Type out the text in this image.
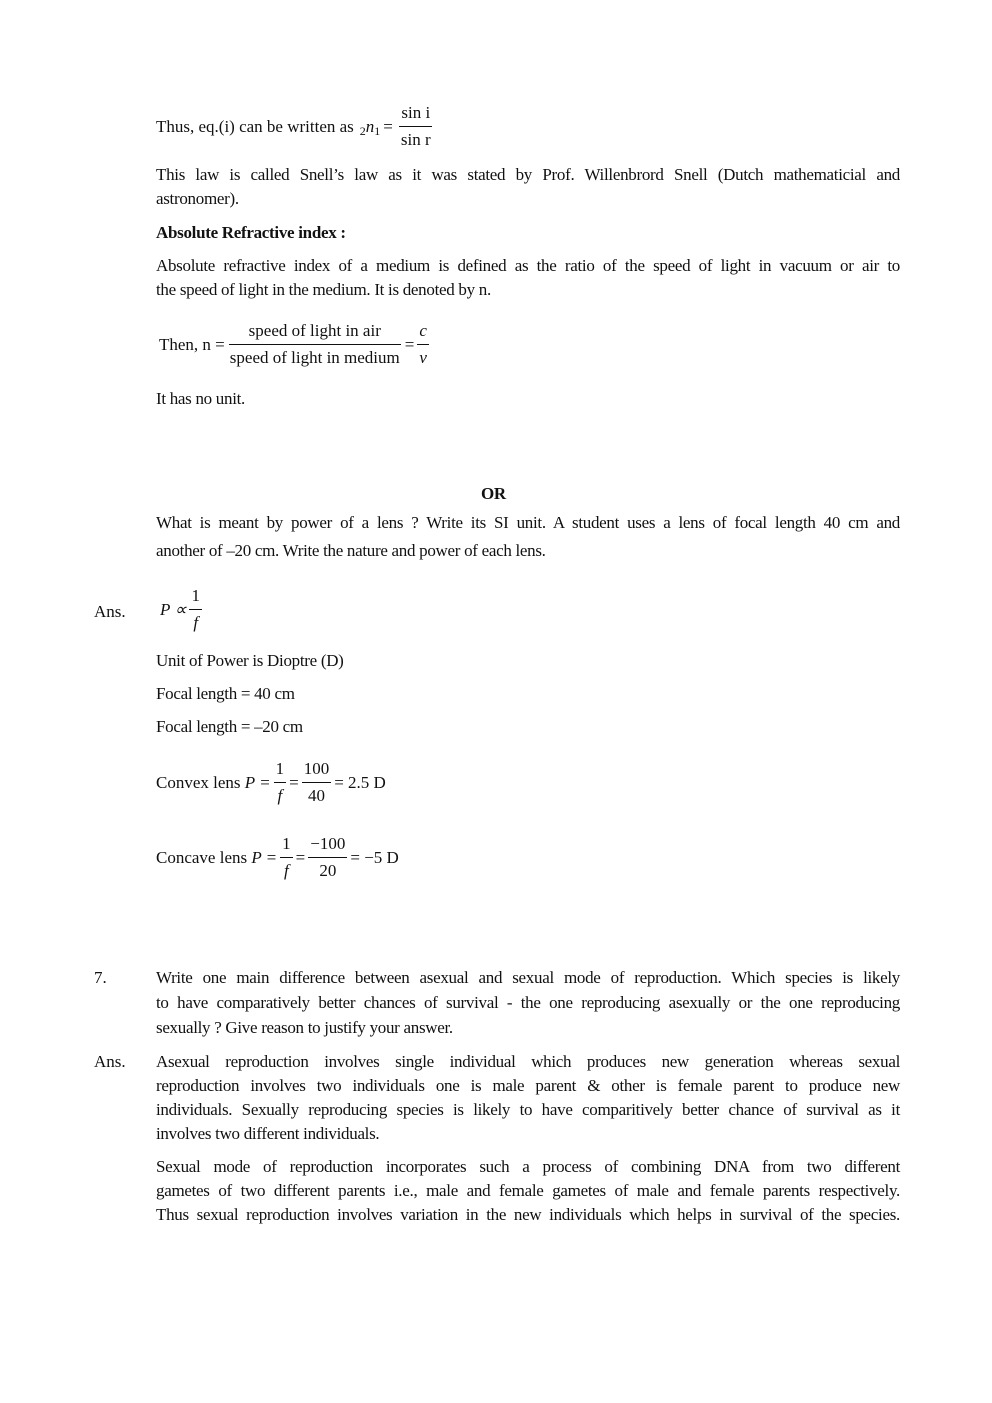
Thus, eq.(i) can be written as 2 n $1 = \frac{\text{sin i}}{\text{sin r}}$
This law is called Snell’s law as it was stated by Prof. Willenbrord Snell (Dutch mathematicial and
astronomer).
Absolute Refractive index :
Absolute refractive index of a medium is defined as the ratio of the speed of light in vacuum or air to
the speed of light in the medium. It is denoted by n.
Then, $n = \frac{\text{speed of light in air}}{\text{speed of light in medium}} = \frac{c}{v}$
It has no unit.
OR
What is meant by power of a lens ? Write its SI unit. A student uses a lens of focal length 40 cm and
another of –20 cm. Write the nature and power of each lens.
Ans. $P \propto \frac{1}{f}$
Unit of Power is Dioptre (D)
Focal length = 40 cm
Focal length = –20 cm
Convex lens
$P = \frac{1}{f} = \frac{100}{40} = 2.5$ D
Concave lens
$P = \frac{1}{f} = \frac{-100}{20} = -5$ D
7.	Write one main difference between asexual and sexual mode of reproduction. Which species is likely
to have comparatively better chances of survival - the one reproducing asexually or the one reproducing
sexually ? Give reason to justify your answer.
Ans. Asexual reproduction involves single individual which produces new generation whereas sexual
reproduction involves two individuals one is male parent & other is female parent to produce new
individuals. Sexually reproducing species is likely to have comparitively better chance of survival as it
involves two different individuals.
Sexual mode of reproduction incorporates such a process of combining DNA from two different
gametes of two different parents i.e., male and female gametes of male and female parents respectively.
Thus sexual reproduction involves variation in the new individuals which helps in survival of the species.
